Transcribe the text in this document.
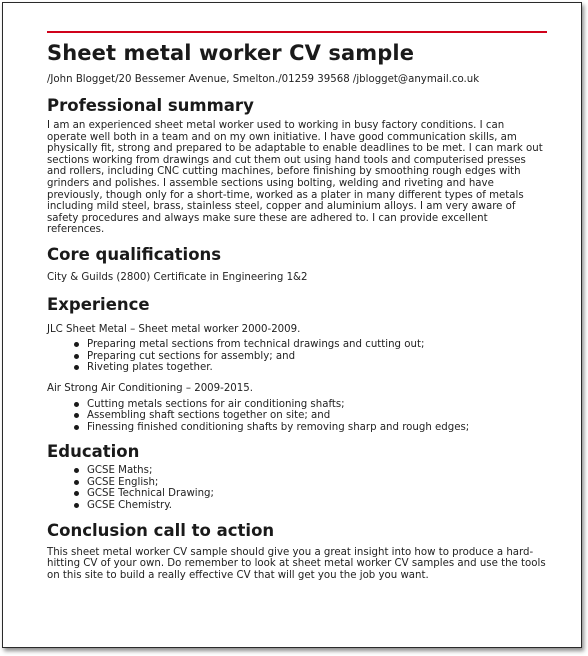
Sheet metal worker CV sample
/John Blogget/20 Bessemer Avenue, Smelton./01259 39568 /jblogget@anymail.co.uk
Professional summary

I am an experienced sheet metal worker used to working in busy factory conditions. I can operate well both in a team and on my own initiative. I have good communication skills, am physically fit, strong and prepared to be adaptable to enable deadlines to be met. I can mark out sections working from drawings and cut them out using hand tools and computerised presses and rollers, including CNC cutting machines, before finishing by smoothing rough edges with grinders and polishes. I assemble sections using bolting, welding and riveting and have previously, though only for a short-time, worked as a plater in many different types of metals including mild steel, brass, stainless steel, copper and aluminium alloys. I am very aware of safety procedures and always make sure these are adhered to. I can provide excellent references.

Core qualifications

City & Guilds (2800) Certificate in Engineering 1&2

Experience

JLC Sheet Metal – Sheet metal worker 2000-2009.

Preparing metal sections from technical drawings and cutting out;
Preparing cut sections for assembly; and
Riveting plates together.

Air Strong Air Conditioning – 2009-2015.

Cutting metals sections for air conditioning shafts;
Assembling shaft sections together on site; and
Finessing finished conditioning shafts by removing sharp and rough edges;
Education
GCSE Maths;
GCSE English;
GCSE Technical Drawing;
GCSE Chemistry.
Conclusion call to action

This sheet metal worker CV sample should give you a great insight into how to produce a hard-hitting CV of your own. Do remember to look at sheet metal worker CV samples and use the tools on this site to build a really effective CV that will get you the job you want.
